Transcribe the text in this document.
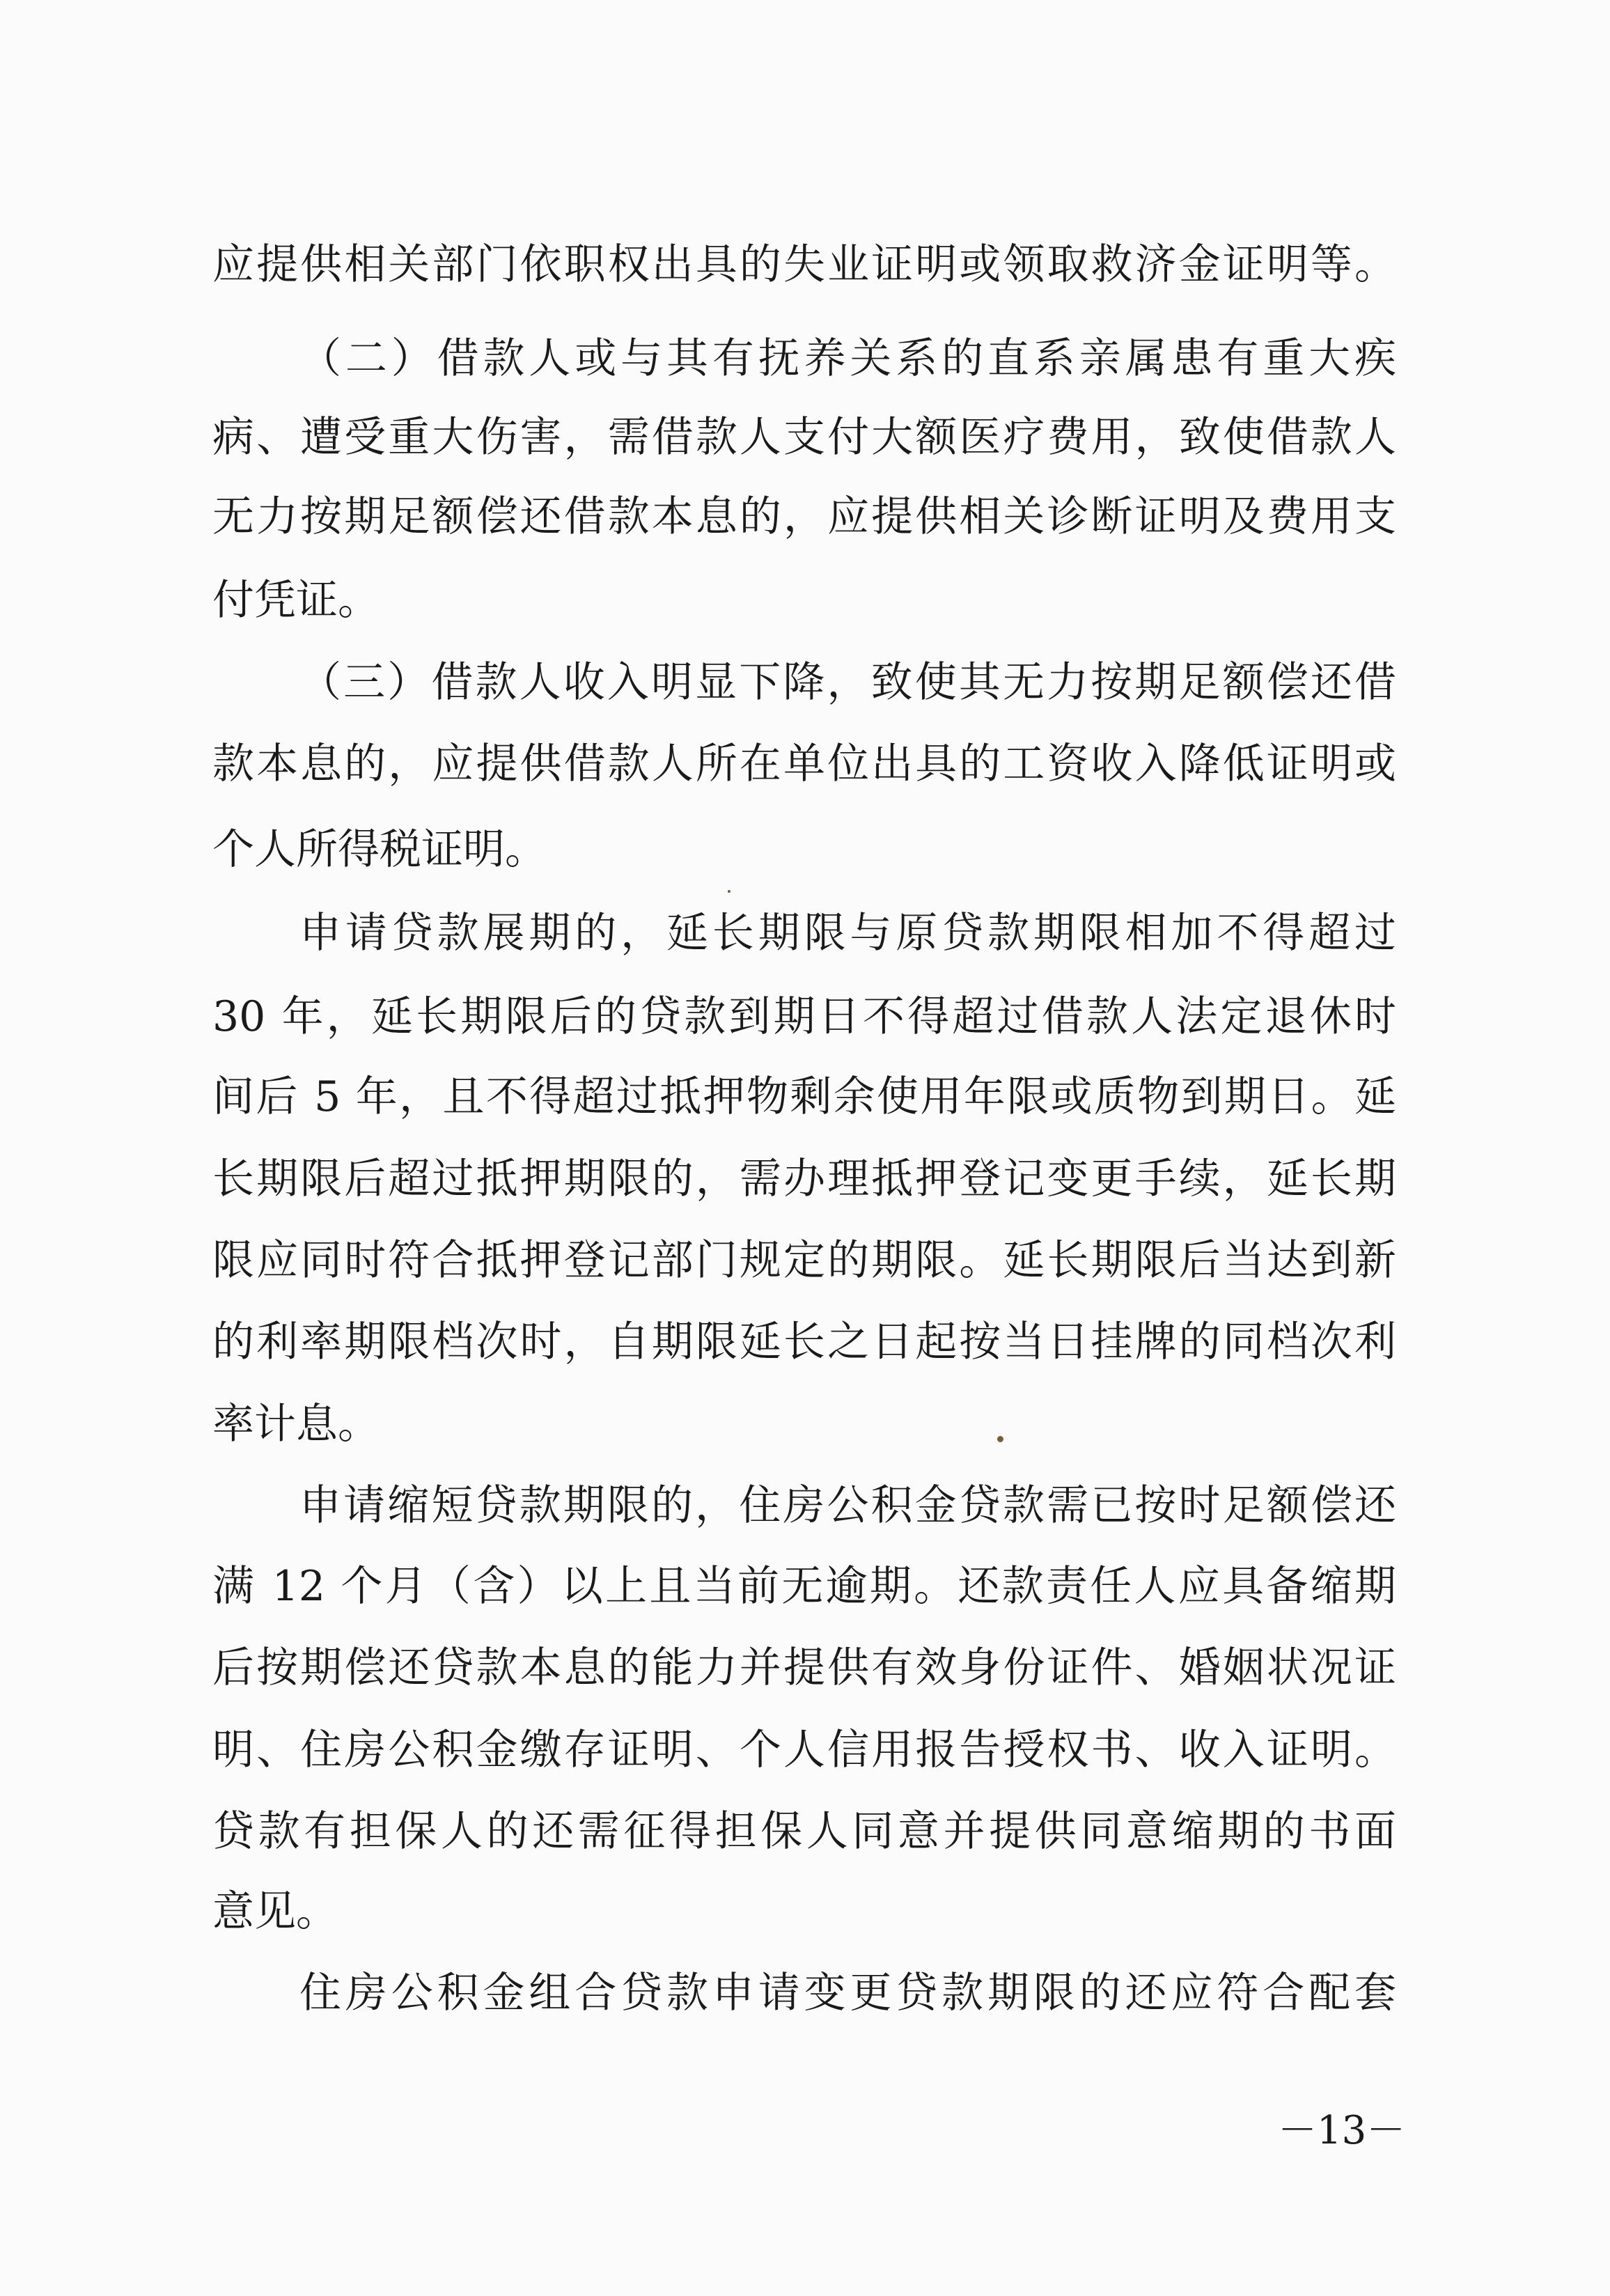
应提供相关部门依职权出具的失业证明或领取救济金证明等。
（二）借款人或与其有抚养关系的直系亲属患有重大疾
病、遭受重大伤害，需借款人支付大额医疗费用，致使借款人
无力按期足额偿还借款本息的，应提供相关诊断证明及费用支
付凭证。
（三）借款人收入明显下降，致使其无力按期足额偿还借
款本息的，应提供借款人所在单位出具的工资收入降低证明或
个人所得税证明。
申请贷款展期的，延长期限与原贷款期限相加不得超过
30 年，延长期限后的贷款到期日不得超过借款人法定退休时
间后 5 年，且不得超过抵押物剩余使用年限或质物到期日。延
长期限后超过抵押期限的，需办理抵押登记变更手续，延长期
限应同时符合抵押登记部门规定的期限。延长期限后当达到新
的利率期限档次时，自期限延长之日起按当日挂牌的同档次利
率计息。
申请缩短贷款期限的，住房公积金贷款需已按时足额偿还
满 12 个月（含）以上且当前无逾期。还款责任人应具备缩期
后按期偿还贷款本息的能力并提供有效身份证件、婚姻状况证
明、住房公积金缴存证明、个人信用报告授权书、收入证明。
贷款有担保人的还需征得担保人同意并提供同意缩期的书面
意见。
住房公积金组合贷款申请变更贷款期限的还应符合配套
－13－
